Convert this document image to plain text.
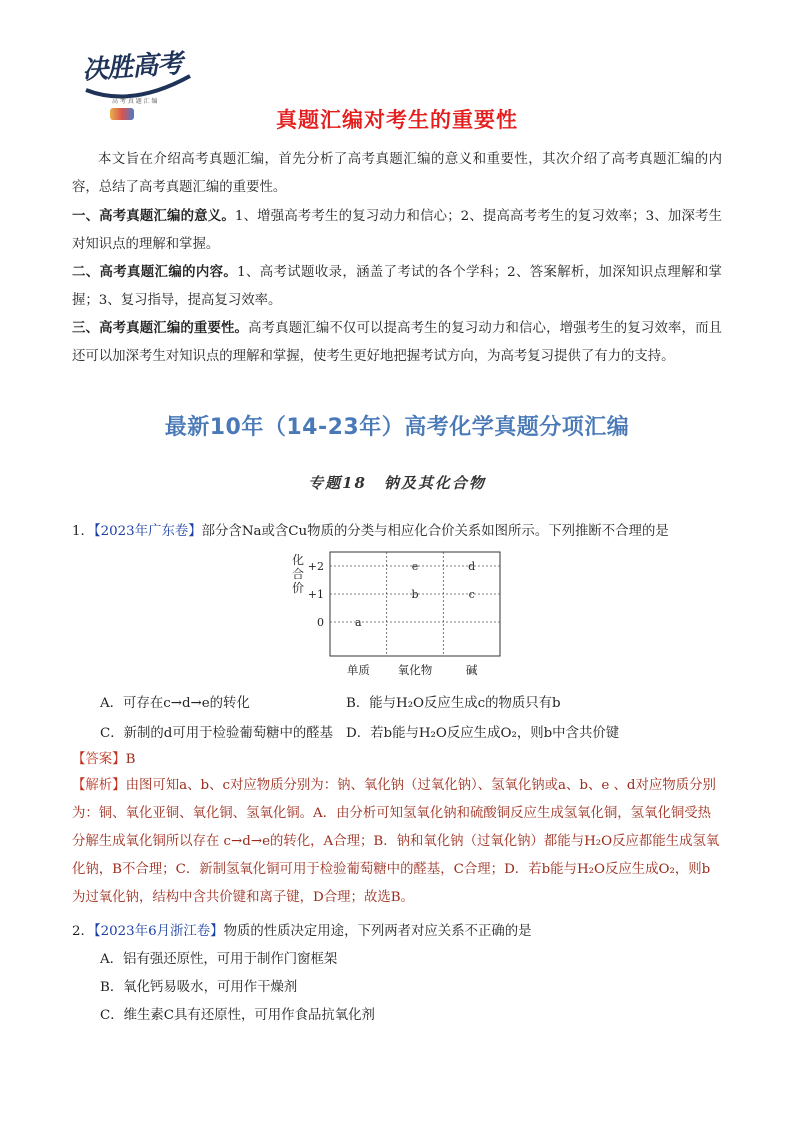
决胜高考
高 考 真 题 汇 编
真题汇编对考生的重要性

本文旨在介绍高考真题汇编，首先分析了高考真题汇编的意义和重要性，其次介绍了高考真题汇编的内容，总结了高考真题汇编的重要性。

一、高考真题汇编的意义。1、增强高考考生的复习动力和信心；2、提高高考考生的复习效率；3、加深考生对知识点的理解和掌握。

二、高考真题汇编的内容。1、高考试题收录，涵盖了考试的各个学科；2、答案解析，加深知识点理解和掌握；3、复习指导，提高复习效率。

三、高考真题汇编的重要性。高考真题汇编不仅可以提高考生的复习动力和信心，增强考生的复习效率，而且还可以加深考生对知识点的理解和掌握，使考生更好地把握考试方向，为高考复习提供了有力的支持。

最新10年（14-23年）高考化学真题分项汇编
专题18　钠及其化合物
1．【2023年广东卷】部分含Na或含Cu物质的分类与相应化合价关系如图所示。下列推断不合理的是
+2
+1
0
化
合
价
单质 氧化物	碱
a
e
b
d
c
A．可存在c→d→e的转化	B．能与H₂O反应生成c的物质只有b
C．新制的d可用于检验葡萄糖中的醛基 D．若b能与H₂O反应生成O₂，则b中含共价键
【答案】B

【解析】由图可知a、b、c对应物质分别为：钠、氧化钠（过氧化钠）、氢氧化钠或a、b、e 、d对应物质分别为：铜、氧化亚铜、氧化铜、氢氧化铜。A．由分析可知氢氧化钠和硫酸铜反应生成氢氧化铜，氢氧化铜受热分解生成氧化铜所以存在 c→d→e的转化，A合理；B．钠和氧化钠（过氧化钠）都能与H₂O反应都能生成氢氧化钠，B不合理；C．新制氢氧化铜可用于检验葡萄糖中的醛基，C合理；D．若b能与H₂O反应生成O₂，则b为过氧化钠，结构中含共价键和离子键，D合理；故选B。

2．【2023年6月浙江卷】物质的性质决定用途，下列两者对应关系不正确的是
A．铝有强还原性，可用于制作门窗框架
B．氧化钙易吸水，可用作干燥剂
C．维生素C具有还原性，可用作食品抗氧化剂
